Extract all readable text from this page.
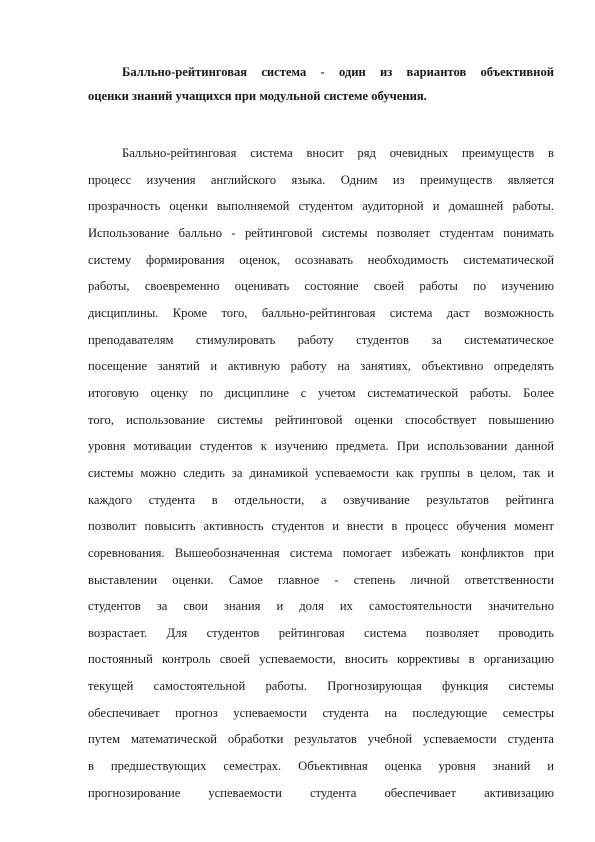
Балльно-рейтинговая система - один из вариантов объективной
оценки знаний учащихся при модульной системе обучения.
Балльно-рейтинговая система вносит ряд очевидных преимуществ в
процесс изучения английского языка. Одним из преимуществ является
прозрачность оценки выполняемой студентом аудиторной и домашней работы.
Использование балльно - рейтинговой системы позволяет студентам понимать
систему формирования оценок, осознавать необходимость систематической
работы, своевременно оценивать состояние своей работы по изучению
дисциплины. Кроме того, балльно-рейтинговая система даст возможность
преподавателям стимулировать работу студентов за систематическое
посещение занятий и активную работу на занятиях, объективно определять
итоговую оценку по дисциплине с учетом систематической работы. Более
того, использование системы рейтинговой оценки способствует повышению
уровня мотивации студентов к изучению предмета. При использовании данной
системы можно следить за динамикой успеваемости как группы в целом, так и
каждого студента в отдельности, а озвучивание результатов рейтинга
позволит повысить активность студентов и внести в процесс обучения момент
соревнования. Вышеобозначенная система помогает избежать конфликтов при
выставлении оценки. Самое главное - степень личной ответственности
студентов за свои знания и доля их самостоятельности значительно
возрастает. Для студентов рейтинговая система позволяет проводить
постоянный контроль своей успеваемости, вносить коррективы в организацию
текущей самостоятельной работы. Прогнозирующая функция системы
обеспечивает прогноз успеваемости студента на последующие семестры
путем математической обработки результатов учебной успеваемости студента
в предшествующих семестрах. Объективная оценка уровня знаний и
прогнозирование успеваемости студента обеспечивает активизацию
